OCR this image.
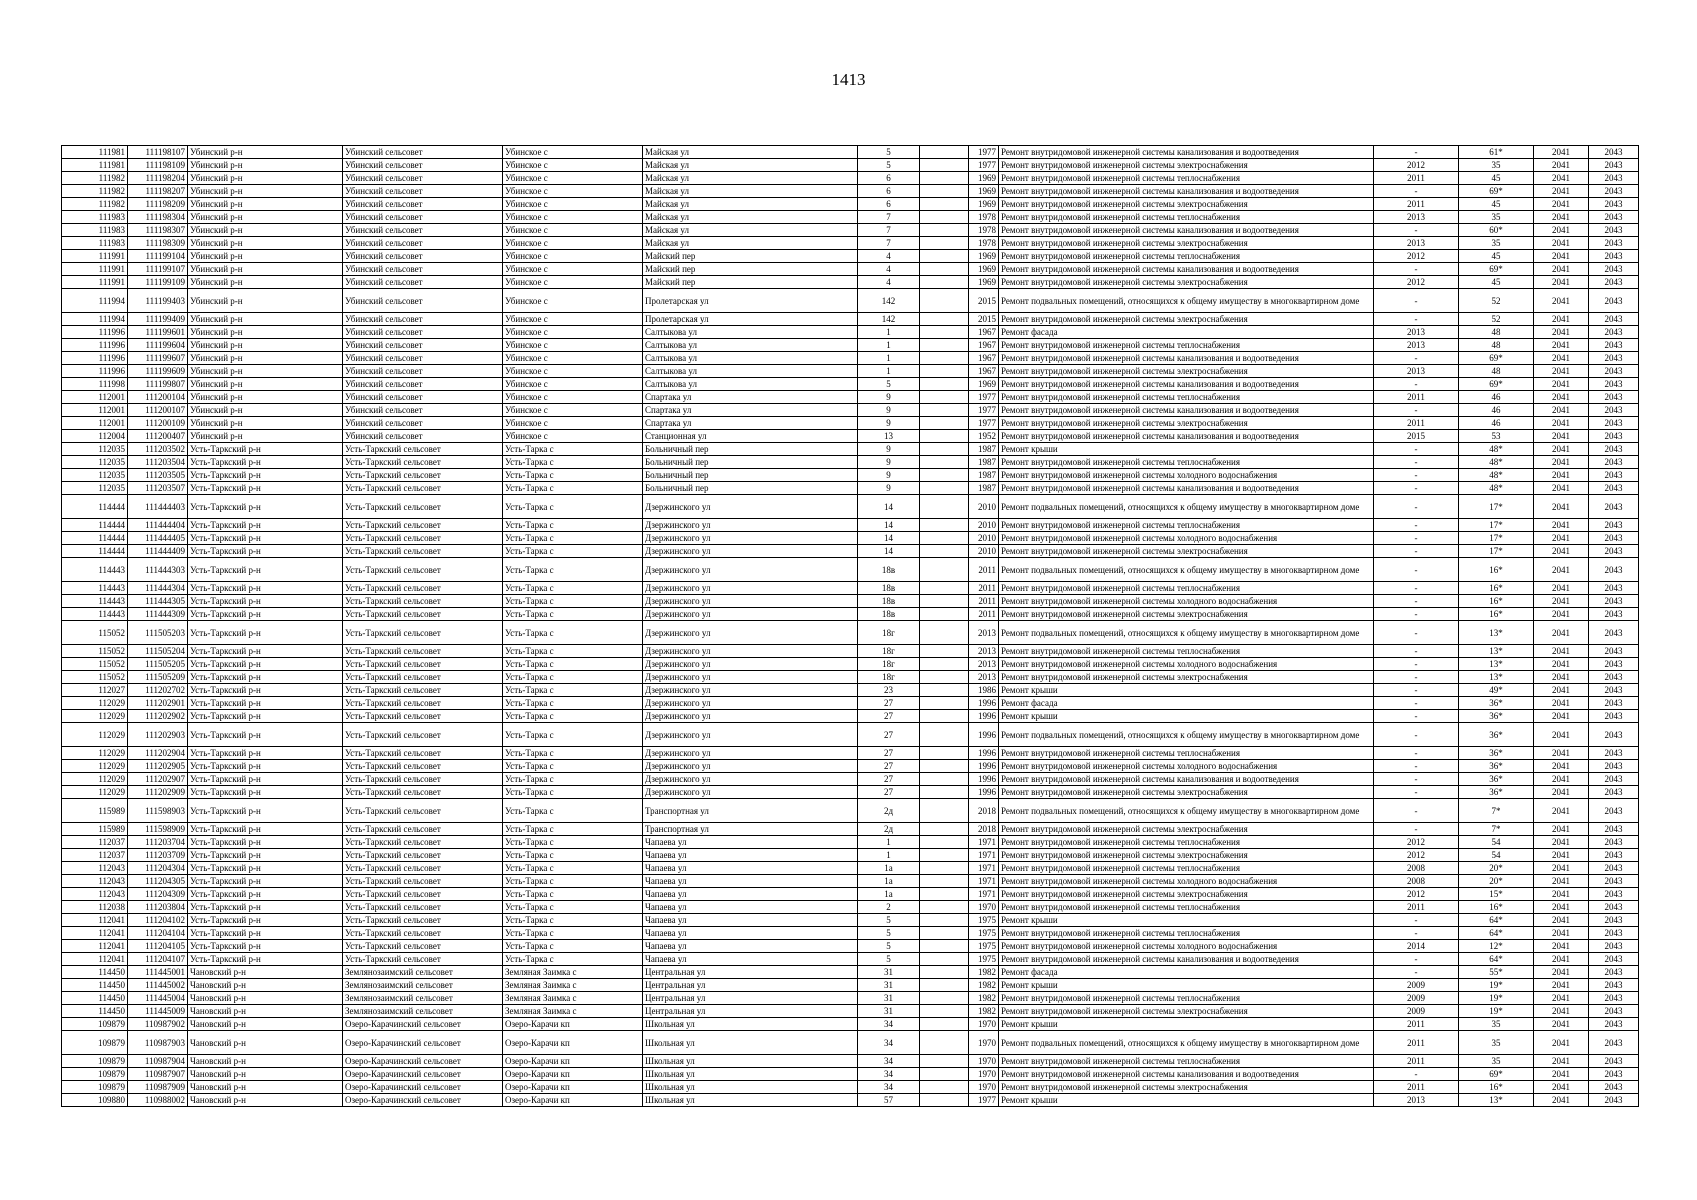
1413
111981	111198107	Убинский р-н	Убинский сельсовет	Убинское с	Майская ул	5		1977	Ремонт внутридомовой инженерной системы канализования и водоотведения	-	61*	2041	2043
111981	111198109	Убинский р-н	Убинский сельсовет	Убинское с	Майская ул	5		1977	Ремонт внутридомовой инженерной системы электроснабжения	2012	35	2041	2043
111982	111198204	Убинский р-н	Убинский сельсовет	Убинское с	Майская ул	6		1969	Ремонт внутридомовой инженерной системы теплоснабжения	2011	45	2041	2043
111982	111198207	Убинский р-н	Убинский сельсовет	Убинское с	Майская ул	6		1969	Ремонт внутридомовой инженерной системы канализования и водоотведения	-	69*	2041	2043
111982	111198209	Убинский р-н	Убинский сельсовет	Убинское с	Майская ул	6		1969	Ремонт внутридомовой инженерной системы электроснабжения	2011	45	2041	2043
111983	111198304	Убинский р-н	Убинский сельсовет	Убинское с	Майская ул	7		1978	Ремонт внутридомовой инженерной системы теплоснабжения	2013	35	2041	2043
111983	111198307	Убинский р-н	Убинский сельсовет	Убинское с	Майская ул	7		1978	Ремонт внутридомовой инженерной системы канализования и водоотведения	-	60*	2041	2043
111983	111198309	Убинский р-н	Убинский сельсовет	Убинское с	Майская ул	7		1978	Ремонт внутридомовой инженерной системы электроснабжения	2013	35	2041	2043
111991	111199104	Убинский р-н	Убинский сельсовет	Убинское с	Майский пер	4		1969	Ремонт внутридомовой инженерной системы теплоснабжения	2012	45	2041	2043
111991	111199107	Убинский р-н	Убинский сельсовет	Убинское с	Майский пер	4		1969	Ремонт внутридомовой инженерной системы канализования и водоотведения	-	69*	2041	2043
111991	111199109	Убинский р-н	Убинский сельсовет	Убинское с	Майский пер	4		1969	Ремонт внутридомовой инженерной системы электроснабжения	2012	45	2041	2043
111994	111199403	Убинский р-н	Убинский сельсовет	Убинское с	Пролетарская ул	142		2015	Ремонт подвальных помещений, относящихся к общему имуществу в многоквартирном доме	-	52	2041	2043
111994	111199409	Убинский р-н	Убинский сельсовет	Убинское с	Пролетарская ул	142		2015	Ремонт внутридомовой инженерной системы электроснабжения	-	52	2041	2043
111996	111199601	Убинский р-н	Убинский сельсовет	Убинское с	Салтыкова ул	1		1967	Ремонт фасада	2013	48	2041	2043
111996	111199604	Убинский р-н	Убинский сельсовет	Убинское с	Салтыкова ул	1		1967	Ремонт внутридомовой инженерной системы теплоснабжения	2013	48	2041	2043
111996	111199607	Убинский р-н	Убинский сельсовет	Убинское с	Салтыкова ул	1		1967	Ремонт внутридомовой инженерной системы канализования и водоотведения	-	69*	2041	2043
111996	111199609	Убинский р-н	Убинский сельсовет	Убинское с	Салтыкова ул	1		1967	Ремонт внутридомовой инженерной системы электроснабжения	2013	48	2041	2043
111998	111199807	Убинский р-н	Убинский сельсовет	Убинское с	Салтыкова ул	5		1969	Ремонт внутридомовой инженерной системы канализования и водоотведения	-	69*	2041	2043
112001	111200104	Убинский р-н	Убинский сельсовет	Убинское с	Спартака ул	9		1977	Ремонт внутридомовой инженерной системы теплоснабжения	2011	46	2041	2043
112001	111200107	Убинский р-н	Убинский сельсовет	Убинское с	Спартака ул	9		1977	Ремонт внутридомовой инженерной системы канализования и водоотведения	-	46	2041	2043
112001	111200109	Убинский р-н	Убинский сельсовет	Убинское с	Спартака ул	9		1977	Ремонт внутридомовой инженерной системы электроснабжения	2011	46	2041	2043
112004	111200407	Убинский р-н	Убинский сельсовет	Убинское с	Станционная ул	13		1952	Ремонт внутридомовой инженерной системы канализования и водоотведения	2015	53	2041	2043
112035	111203502	Усть-Таркский р-н	Усть-Таркский сельсовет	Усть-Тарка с	Больничный пер	9		1987	Ремонт крыши	-	48*	2041	2043
112035	111203504	Усть-Таркский р-н	Усть-Таркский сельсовет	Усть-Тарка с	Больничный пер	9		1987	Ремонт внутридомовой инженерной системы теплоснабжения	-	48*	2041	2043
112035	111203505	Усть-Таркский р-н	Усть-Таркский сельсовет	Усть-Тарка с	Больничный пер	9		1987	Ремонт внутридомовой инженерной системы холодного водоснабжения	-	48*	2041	2043
112035	111203507	Усть-Таркский р-н	Усть-Таркский сельсовет	Усть-Тарка с	Больничный пер	9		1987	Ремонт внутридомовой инженерной системы канализования и водоотведения	-	48*	2041	2043
114444	111444403	Усть-Таркский р-н	Усть-Таркский сельсовет	Усть-Тарка с	Дзержинского ул	14		2010	Ремонт подвальных помещений, относящихся к общему имуществу в многоквартирном доме	-	17*	2041	2043
114444	111444404	Усть-Таркский р-н	Усть-Таркский сельсовет	Усть-Тарка с	Дзержинского ул	14		2010	Ремонт внутридомовой инженерной системы теплоснабжения	-	17*	2041	2043
114444	111444405	Усть-Таркский р-н	Усть-Таркский сельсовет	Усть-Тарка с	Дзержинского ул	14		2010	Ремонт внутридомовой инженерной системы холодного водоснабжения	-	17*	2041	2043
114444	111444409	Усть-Таркский р-н	Усть-Таркский сельсовет	Усть-Тарка с	Дзержинского ул	14		2010	Ремонт внутридомовой инженерной системы электроснабжения	-	17*	2041	2043
114443	111444303	Усть-Таркский р-н	Усть-Таркский сельсовет	Усть-Тарка с	Дзержинского ул	18в		2011	Ремонт подвальных помещений, относящихся к общему имуществу в многоквартирном доме	-	16*	2041	2043
114443	111444304	Усть-Таркский р-н	Усть-Таркский сельсовет	Усть-Тарка с	Дзержинского ул	18в		2011	Ремонт внутридомовой инженерной системы теплоснабжения	-	16*	2041	2043
114443	111444305	Усть-Таркский р-н	Усть-Таркский сельсовет	Усть-Тарка с	Дзержинского ул	18в		2011	Ремонт внутридомовой инженерной системы холодного водоснабжения	-	16*	2041	2043
114443	111444309	Усть-Таркский р-н	Усть-Таркский сельсовет	Усть-Тарка с	Дзержинского ул	18в		2011	Ремонт внутридомовой инженерной системы электроснабжения	-	16*	2041	2043
115052	111505203	Усть-Таркский р-н	Усть-Таркский сельсовет	Усть-Тарка с	Дзержинского ул	18г		2013	Ремонт подвальных помещений, относящихся к общему имуществу в многоквартирном доме	-	13*	2041	2043
115052	111505204	Усть-Таркский р-н	Усть-Таркский сельсовет	Усть-Тарка с	Дзержинского ул	18г		2013	Ремонт внутридомовой инженерной системы теплоснабжения	-	13*	2041	2043
115052	111505205	Усть-Таркский р-н	Усть-Таркский сельсовет	Усть-Тарка с	Дзержинского ул	18г		2013	Ремонт внутридомовой инженерной системы холодного водоснабжения	-	13*	2041	2043
115052	111505209	Усть-Таркский р-н	Усть-Таркский сельсовет	Усть-Тарка с	Дзержинского ул	18г		2013	Ремонт внутридомовой инженерной системы электроснабжения	-	13*	2041	2043
112027	111202702	Усть-Таркский р-н	Усть-Таркский сельсовет	Усть-Тарка с	Дзержинского ул	23		1986	Ремонт крыши	-	49*	2041	2043
112029	111202901	Усть-Таркский р-н	Усть-Таркский сельсовет	Усть-Тарка с	Дзержинского ул	27		1996	Ремонт фасада	-	36*	2041	2043
112029	111202902	Усть-Таркский р-н	Усть-Таркский сельсовет	Усть-Тарка с	Дзержинского ул	27		1996	Ремонт крыши	-	36*	2041	2043
112029	111202903	Усть-Таркский р-н	Усть-Таркский сельсовет	Усть-Тарка с	Дзержинского ул	27		1996	Ремонт подвальных помещений, относящихся к общему имуществу в многоквартирном доме	-	36*	2041	2043
112029	111202904	Усть-Таркский р-н	Усть-Таркский сельсовет	Усть-Тарка с	Дзержинского ул	27		1996	Ремонт внутридомовой инженерной системы теплоснабжения	-	36*	2041	2043
112029	111202905	Усть-Таркский р-н	Усть-Таркский сельсовет	Усть-Тарка с	Дзержинского ул	27		1996	Ремонт внутридомовой инженерной системы холодного водоснабжения	-	36*	2041	2043
112029	111202907	Усть-Таркский р-н	Усть-Таркский сельсовет	Усть-Тарка с	Дзержинского ул	27		1996	Ремонт внутридомовой инженерной системы канализования и водоотведения	-	36*	2041	2043
112029	111202909	Усть-Таркский р-н	Усть-Таркский сельсовет	Усть-Тарка с	Дзержинского ул	27		1996	Ремонт внутридомовой инженерной системы электроснабжения	-	36*	2041	2043
115989	111598903	Усть-Таркский р-н	Усть-Таркский сельсовет	Усть-Тарка с	Транспортная ул	2д		2018	Ремонт подвальных помещений, относящихся к общему имуществу в многоквартирном доме	-	7*	2041	2043
115989	111598909	Усть-Таркский р-н	Усть-Таркский сельсовет	Усть-Тарка с	Транспортная ул	2д		2018	Ремонт внутридомовой инженерной системы электроснабжения	-	7*	2041	2043
112037	111203704	Усть-Таркский р-н	Усть-Таркский сельсовет	Усть-Тарка с	Чапаева ул	1		1971	Ремонт внутридомовой инженерной системы теплоснабжения	2012	54	2041	2043
112037	111203709	Усть-Таркский р-н	Усть-Таркский сельсовет	Усть-Тарка с	Чапаева ул	1		1971	Ремонт внутридомовой инженерной системы электроснабжения	2012	54	2041	2043
112043	111204304	Усть-Таркский р-н	Усть-Таркский сельсовет	Усть-Тарка с	Чапаева ул	1а		1971	Ремонт внутридомовой инженерной системы теплоснабжения	2008	20*	2041	2043
112043	111204305	Усть-Таркский р-н	Усть-Таркский сельсовет	Усть-Тарка с	Чапаева ул	1а		1971	Ремонт внутридомовой инженерной системы холодного водоснабжения	2008	20*	2041	2043
112043	111204309	Усть-Таркский р-н	Усть-Таркский сельсовет	Усть-Тарка с	Чапаева ул	1а		1971	Ремонт внутридомовой инженерной системы электроснабжения	2012	15*	2041	2043
112038	111203804	Усть-Таркский р-н	Усть-Таркский сельсовет	Усть-Тарка с	Чапаева ул	2		1970	Ремонт внутридомовой инженерной системы теплоснабжения	2011	16*	2041	2043
112041	111204102	Усть-Таркский р-н	Усть-Таркский сельсовет	Усть-Тарка с	Чапаева ул	5		1975	Ремонт крыши	-	64*	2041	2043
112041	111204104	Усть-Таркский р-н	Усть-Таркский сельсовет	Усть-Тарка с	Чапаева ул	5		1975	Ремонт внутридомовой инженерной системы теплоснабжения	-	64*	2041	2043
112041	111204105	Усть-Таркский р-н	Усть-Таркский сельсовет	Усть-Тарка с	Чапаева ул	5		1975	Ремонт внутридомовой инженерной системы холодного водоснабжения	2014	12*	2041	2043
112041	111204107	Усть-Таркский р-н	Усть-Таркский сельсовет	Усть-Тарка с	Чапаева ул	5		1975	Ремонт внутридомовой инженерной системы канализования и водоотведения	-	64*	2041	2043
114450	111445001	Чановский р-н	Землянозаимский сельсовет	Земляная Заимка с	Центральная ул	31		1982	Ремонт фасада	-	55*	2041	2043
114450	111445002	Чановский р-н	Землянозаимский сельсовет	Земляная Заимка с	Центральная ул	31		1982	Ремонт крыши	2009	19*	2041	2043
114450	111445004	Чановский р-н	Землянозаимский сельсовет	Земляная Заимка с	Центральная ул	31		1982	Ремонт внутридомовой инженерной системы теплоснабжения	2009	19*	2041	2043
114450	111445009	Чановский р-н	Землянозаимский сельсовет	Земляная Заимка с	Центральная ул	31		1982	Ремонт внутридомовой инженерной системы электроснабжения	2009	19*	2041	2043
109879	110987902	Чановский р-н	Озеро-Карачинский сельсовет	Озеро-Карачи кп	Школьная ул	34		1970	Ремонт крыши	2011	35	2041	2043
109879	110987903	Чановский р-н	Озеро-Карачинский сельсовет	Озеро-Карачи кп	Школьная ул	34		1970	Ремонт подвальных помещений, относящихся к общему имуществу в многоквартирном доме	2011	35	2041	2043
109879	110987904	Чановский р-н	Озеро-Карачинский сельсовет	Озеро-Карачи кп	Школьная ул	34		1970	Ремонт внутридомовой инженерной системы теплоснабжения	2011	35	2041	2043
109879	110987907	Чановский р-н	Озеро-Карачинский сельсовет	Озеро-Карачи кп	Школьная ул	34		1970	Ремонт внутридомовой инженерной системы канализования и водоотведения	-	69*	2041	2043
109879	110987909	Чановский р-н	Озеро-Карачинский сельсовет	Озеро-Карачи кп	Школьная ул	34		1970	Ремонт внутридомовой инженерной системы электроснабжения	2011	16*	2041	2043
109880	110988002	Чановский р-н	Озеро-Карачинский сельсовет	Озеро-Карачи кп	Школьная ул	57		1977	Ремонт крыши	2013	13*	2041	2043
